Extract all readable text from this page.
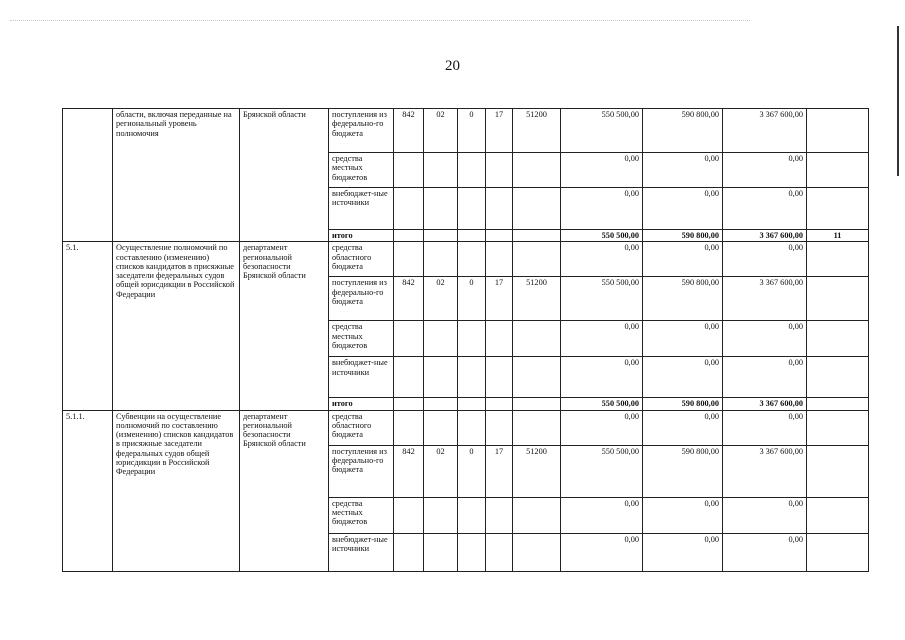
20
	области, включая переданные на региональный уровень полномочия	Брянской области	поступления из федерально-го бюджета	842	02	0	17	51200	550 500,00	590 800,00	3 367 600,00	
			средства местных бюджетов						0,00	0,00	0,00	
			внебюджет-ные источники						0,00	0,00	0,00	
			итого						550 500,00	590 800,00	3 367 600,00	11
5.1.	Осуществление полномочий по составлению (изменению) списков кандидатов в присяжные заседатели федеральных судов общей юрисдикции в Российской Федерации	департамент региональной безопасности Брянской области	средства областного бюджета						0,00	0,00	0,00	
			поступления из федерально-го бюджета	842	02	0	17	51200	550 500,00	590 800,00	3 367 600,00	
			средства местных бюджетов						0,00	0,00	0,00	
			внебюджет-ные источники						0,00	0,00	0,00	
			итого						550 500,00	590 800,00	3 367 600,00	
5.1.1.	Субвенции на осуществление полномочий по составлению (изменению) списков кандидатов в присяжные заседатели федеральных судов общей юрисдикции в Российской Федерации	департамент региональной безопасности Брянской области	средства областного бюджета						0,00	0,00	0,00	
			поступления из федерально-го бюджета	842	02	0	17	51200	550 500,00	590 800,00	3 367 600,00	
			средства местных бюджетов						0,00	0,00	0,00	
			внебюджет-ные источники						0,00	0,00	0,00	
